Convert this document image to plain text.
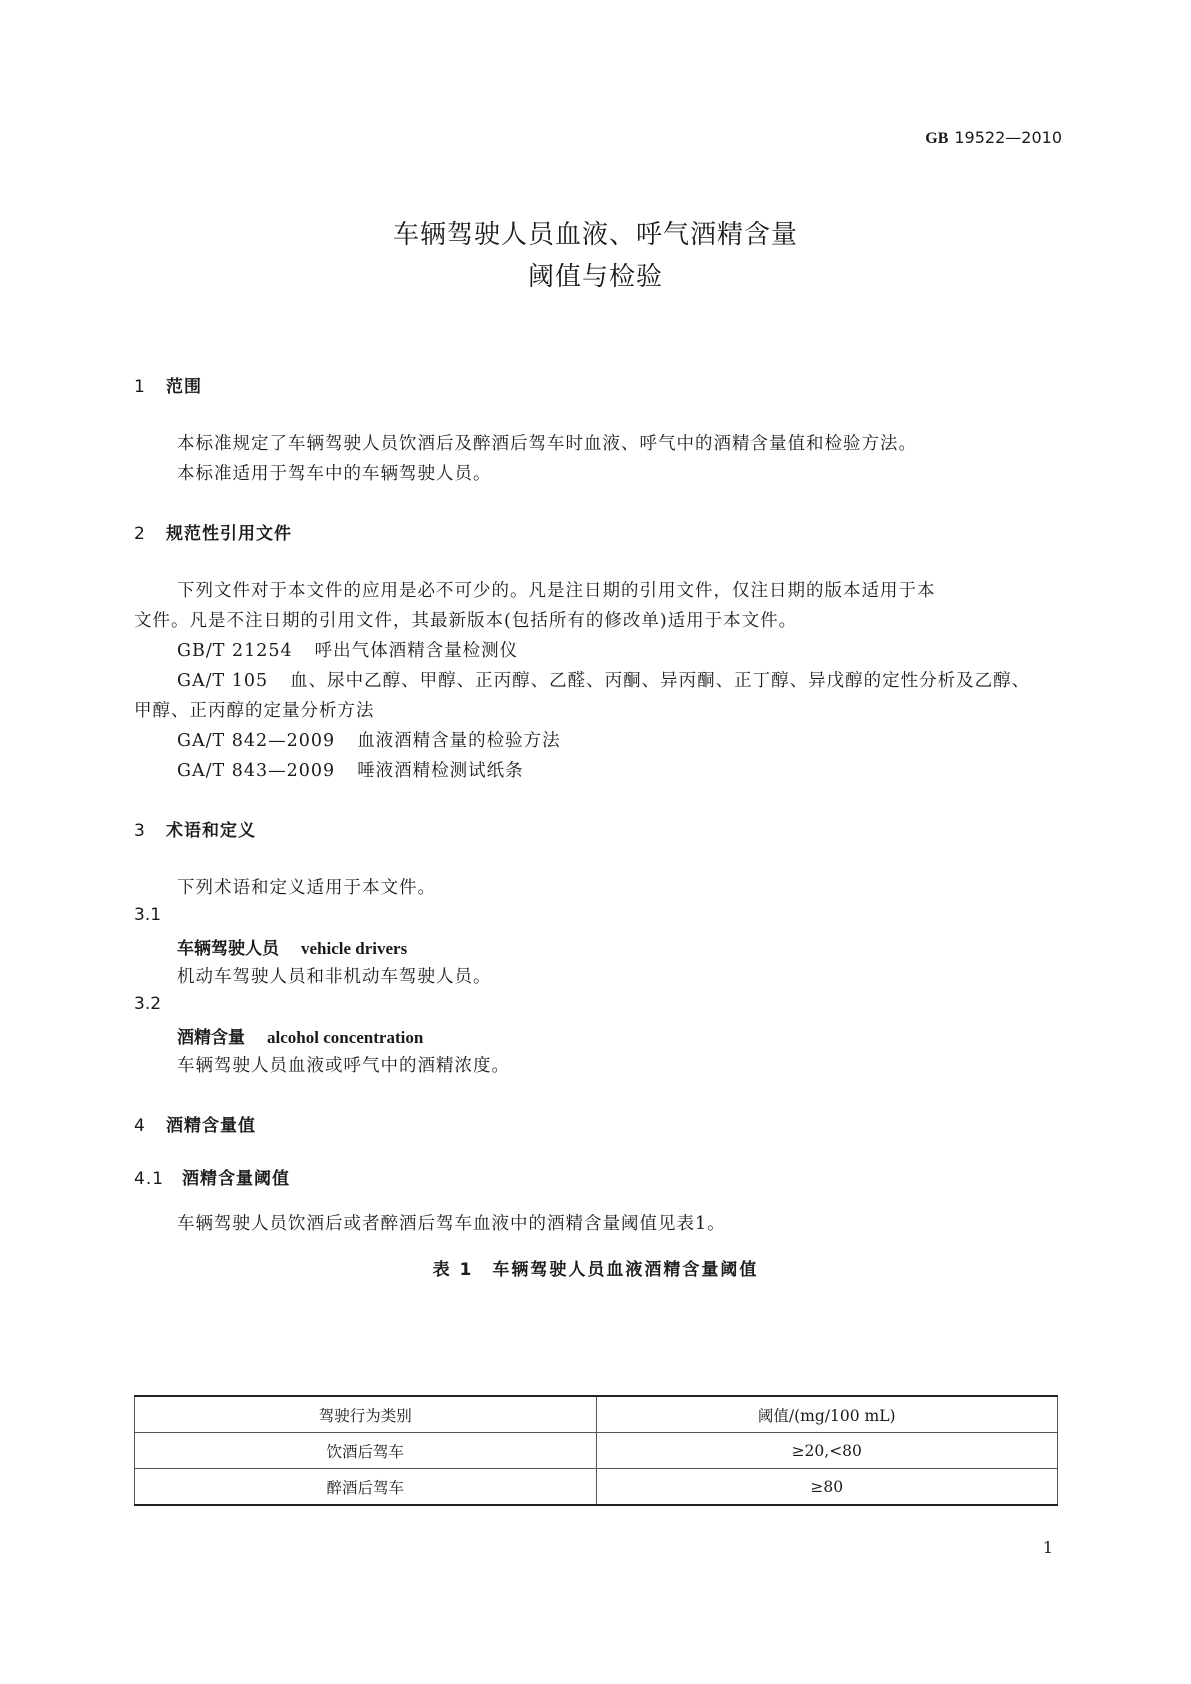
GB 19522—2010
车辆驾驶人员血液、呼气酒精含量
阈值与检验
1 范围
本标准规定了车辆驾驶人员饮酒后及醉酒后驾车时血液、呼气中的酒精含量值和检验方法。
本标准适用于驾车中的车辆驾驶人员。
2 规范性引用文件
下列文件对于本文件的应用是必不可少的。凡是注日期的引用文件，仅注日期的版本适用于本
文件。凡是不注日期的引用文件，其最新版本(包括所有的修改单)适用于本文件。
GB/T 21254 呼出气体酒精含量检测仪
GA/T 105 血、尿中乙醇、甲醇、正丙醇、乙醛、丙酮、异丙酮、正丁醇、异戊醇的定性分析及乙醇、
甲醇、正丙醇的定量分析方法
GA/T 842—2009 血液酒精含量的检验方法
GA/T 843—2009 唾液酒精检测试纸条
3 术语和定义
下列术语和定义适用于本文件。
3.1
车辆驾驶人员 vehicle drivers
机动车驾驶人员和非机动车驾驶人员。
3.2
酒精含量 alcohol concentration
车辆驾驶人员血液或呼气中的酒精浓度。
4 酒精含量值
4.1 酒精含量阈值
车辆驾驶人员饮酒后或者醉酒后驾车血液中的酒精含量阈值见表1。
表 1　车辆驾驶人员血液酒精含量阈值
驾驶行为类别	阈值/(mg/100 mL)
饮酒后驾车	≥20,<80
醉酒后驾车	≥80
1
